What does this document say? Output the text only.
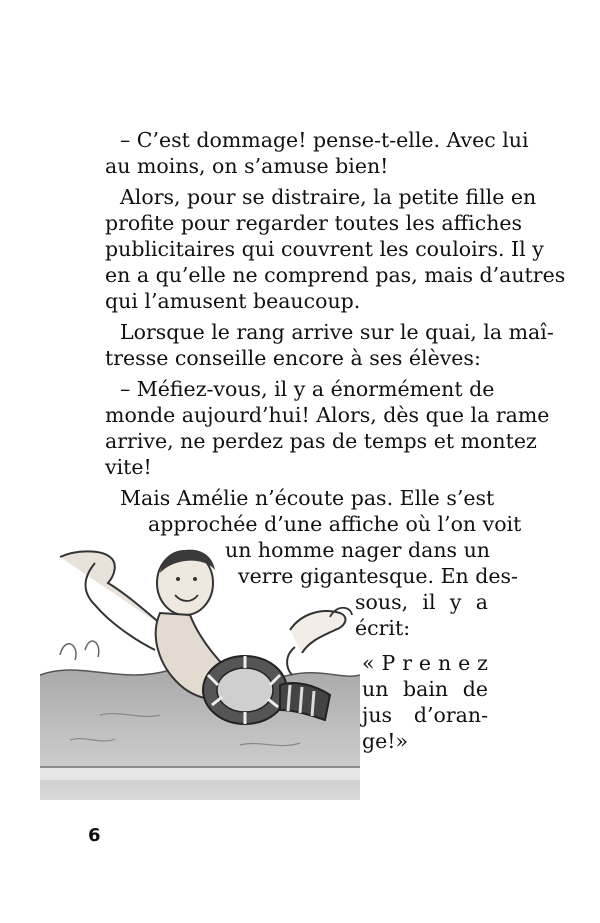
– C’est dommage! pense-t-elle. Avec lui
au moins, on s’amuse bien!
Alors, pour se distraire, la petite fille en
profite pour regarder toutes les affiches
publicitaires qui couvrent les couloirs. Il y
en a qu’elle ne comprend pas, mais d’autres
qui l’amusent beaucoup.
Lorsque le rang arrive sur le quai, la maî-
tresse conseille encore à ses élèves:
– Méfiez-vous, il y a énormément de
monde aujourd’hui! Alors, dès que la rame
arrive, ne perdez pas de temps et montez
vite!
Mais Amélie n’écoute pas. Elle s’est
approchée d’une affiche où l’on voit
un homme nager dans un
verre gigantesque. En des-
sous, il y a
écrit:
« P r e n e z
un bain de
jus d’oran-
ge!»
6
